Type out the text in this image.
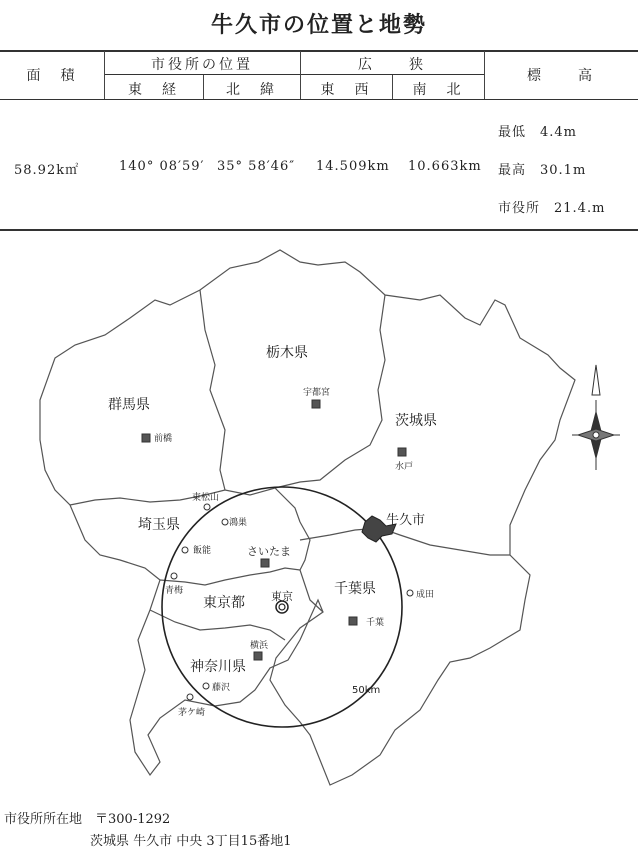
牛久市の位置と地勢
面　積
市役所の位置
東　経	北　緯
広　　狭
東　西	南　北
標　　高
58.92k㎡	140° 08′59′ 35° 58′46″ 14.509km 10.663km
最低　4.4m
最高　30.1m
市役所　21.4.m
群馬県
栃木県
茨城県
埼玉県
東京都
千葉県
神奈川県
前橋
宇都宮
水戸
東松山
鴻巣
飯能
青梅	成田
千葉
横浜
藤沢
茅ケ崎
さいたま
東京
牛久市
50km
市役所所在地　〒300-1292
茨城県 牛久市 中央 3丁目15番地1
